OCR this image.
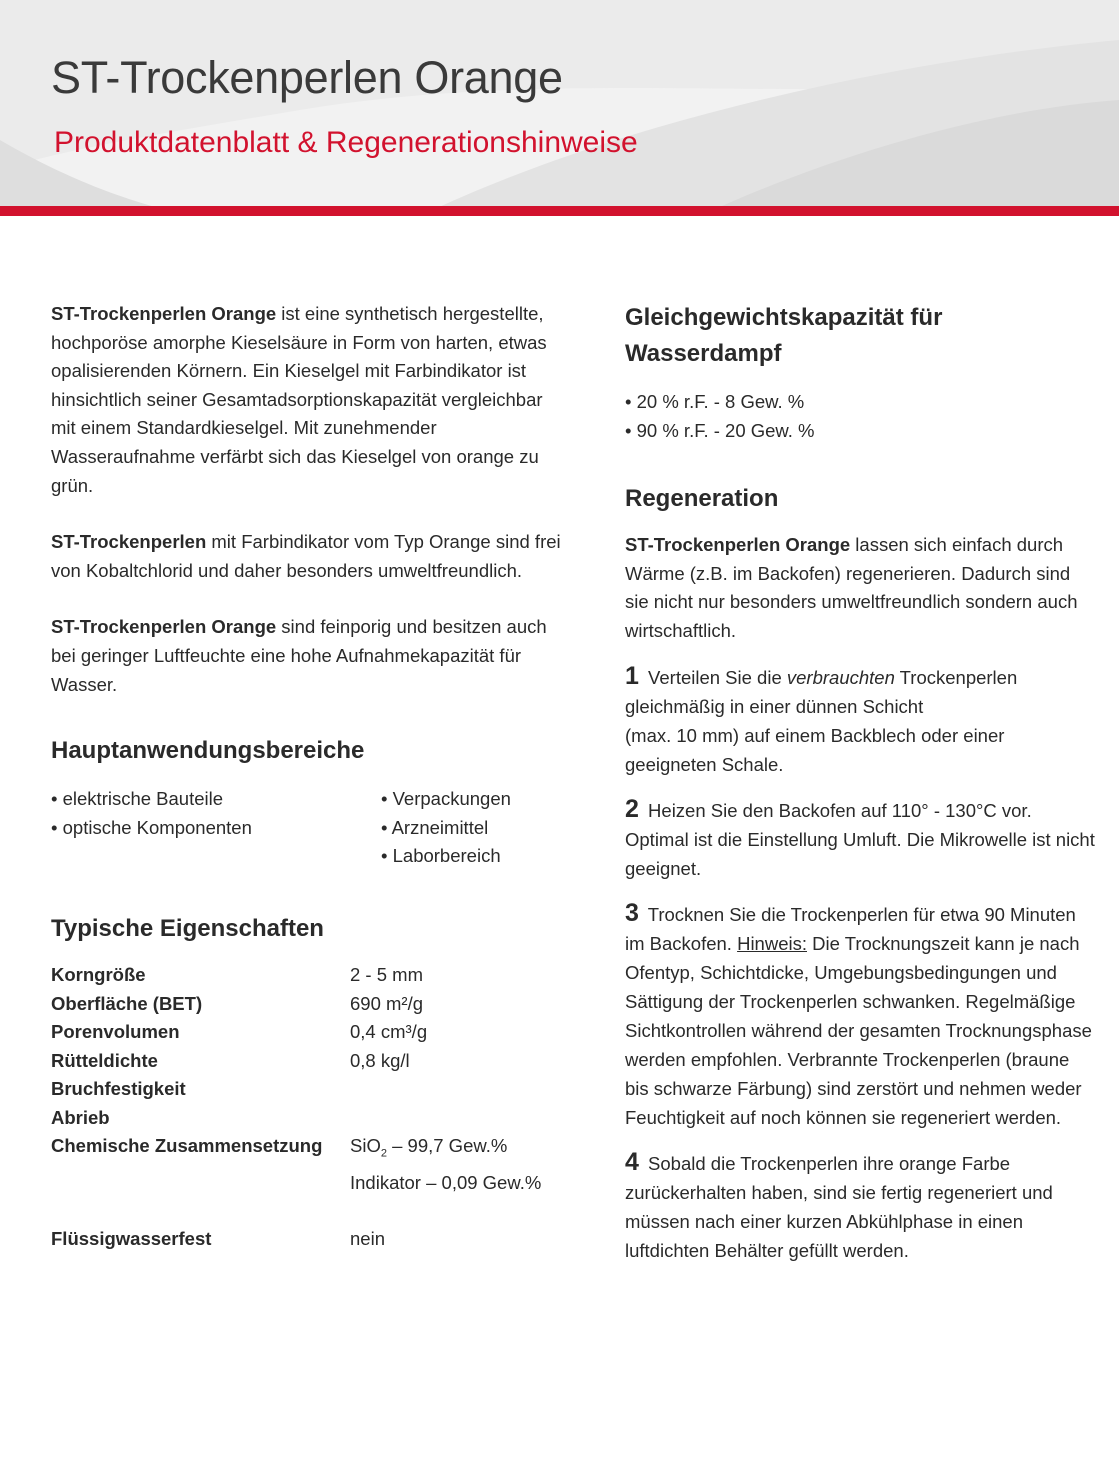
ST-Trockenperlen Orange
Produktdatenblatt & Regenerationshinweise

ST-Trockenperlen Orange ist eine synthetisch hergestellte, hochporöse amorphe Kieselsäure in Form von harten, etwas opalisierenden Körnern. Ein Kieselgel mit Farbindikator ist hinsichtlich seiner Gesamtadsorptionskapazität vergleichbar mit einem Standardkieselgel. Mit zunehmender Wasseraufnahme verfärbt sich das Kieselgel von orange zu grün.

ST-Trockenperlen mit Farbindikator vom Typ Orange sind frei von Kobaltchlorid und daher besonders umweltfreundlich.

ST-Trockenperlen Orange sind feinporig und besitzen auch bei geringer Luftfeuchte eine hohe Aufnahmekapazität für Wasser.

Hauptanwendungsbereiche
• elektrische Bauteile
• optische Komponenten
• Verpackungen
• Arzneimittel
• Laborbereich
Typische Eigenschaften
Korngröße	2 - 5 mm
Oberfläche (BET)	690 m²/g
Porenvolumen	0,4 cm³/g
Rütteldichte	0,8 kg/l
Bruchfestigkeit
Abrieb
Chemische Zusammensetzung	SiO$_2$ – 99,7 Gew.%
Indikator – 0,09 Gew.%
Flüssigwasserfest	nein
Gleichgewichtskapazität für Wasserdampf
• 20 % r.F. - 8 Gew. %
• 90 % r.F. - 20 Gew. %
Regeneration

ST-Trockenperlen Orange lassen sich einfach durch Wärme (z.B. im Backofen) regenerieren. Dadurch sind sie nicht nur besonders umweltfreundlich sondern auch wirtschaftlich.

1 Verteilen Sie die verbrauchten Trockenperlen gleichmäßig in einer dünnen Schicht
(max. 10 mm) auf einem Backblech oder einer geeigneten Schale.

2 Heizen Sie den Backofen auf 110° - 130°C vor. Optimal ist die Einstellung Umluft. Die Mikrowelle ist nicht geeignet.

3 Trocknen Sie die Trockenperlen für etwa 90 Minuten im Backofen. Hinweis: Die Trocknungszeit kann je nach Ofentyp, Schichtdicke, Umgebungsbedingungen und Sättigung der Trockenperlen schwanken. Regelmäßige Sichtkontrollen während der gesamten Trocknungsphase werden empfohlen. Verbrannte Trockenperlen (braune bis schwarze Färbung) sind zerstört und nehmen weder Feuchtigkeit auf noch können sie regeneriert werden.

4 Sobald die Trockenperlen ihre orange Farbe zurückerhalten haben, sind sie fertig regeneriert und müssen nach einer kurzen Abkühlphase in einen luftdichten Behälter gefüllt werden.
